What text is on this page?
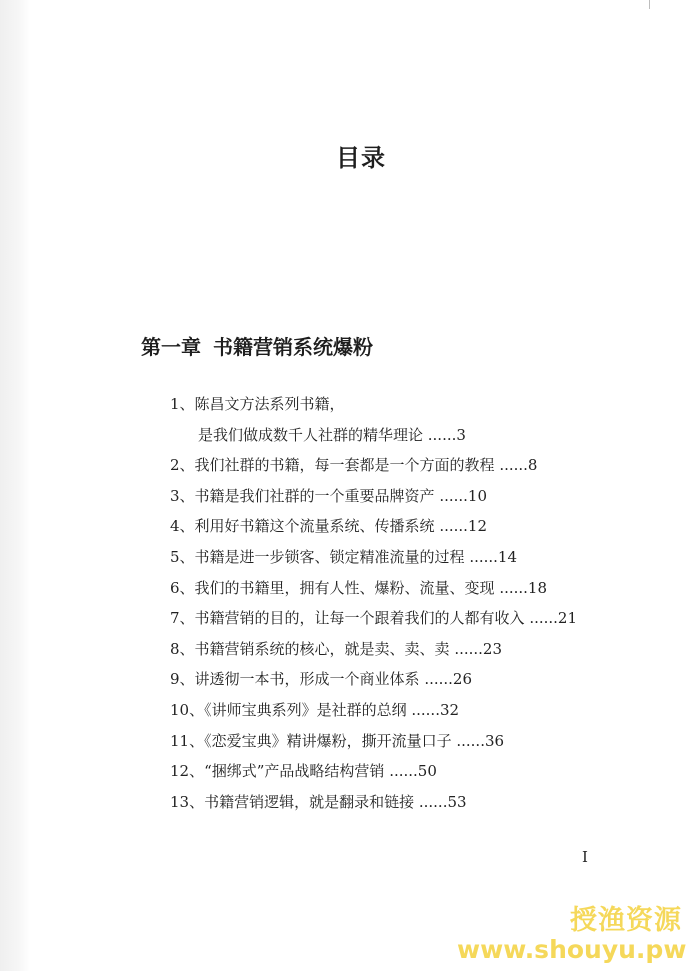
目录
第一章 书籍营销系统爆粉
1、陈昌文方法系列书籍，
是我们做成数千人社群的精华理论 ......3
2、我们社群的书籍，每一套都是一个方面的教程 ......8
3、书籍是我们社群的一个重要品牌资产 ......10
4、利用好书籍这个流量系统、传播系统 ......12
5、书籍是进一步锁客、锁定精准流量的过程 ......14
6、我们的书籍里，拥有人性、爆粉、流量、变现 ......18
7、书籍营销的目的，让每一个跟着我们的人都有收入 ......21
8、书籍营销系统的核心，就是卖、卖、卖 ......23
9、讲透彻一本书，形成一个商业体系 ......26
10、《讲师宝典系列》是社群的总纲 ......32
11、《恋爱宝典》精讲爆粉，撕开流量口子 ......36
12、“捆绑式”产品战略结构营销 ......50
13、书籍营销逻辑，就是翻录和链接 ......53
I
授渔资源
www.shouyu.pw
